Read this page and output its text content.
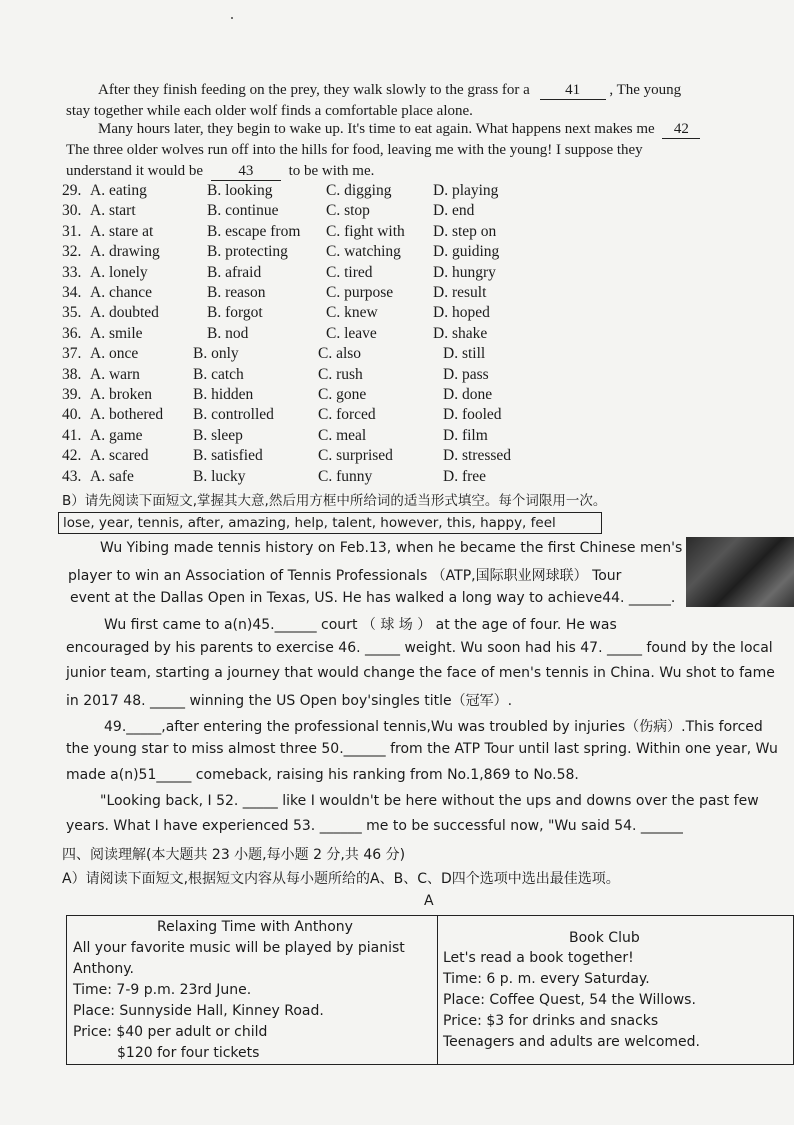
After they finish feeding on the prey, they walk slowly to the grass for a 41 , The young
stay together while each older wolf finds a comfortable place alone.
Many hours later, they begin to wake up. It's time to eat again. What happens next makes me 42
The three older wolves run off into the hills for food, leaving me with the young! I suppose they
understand it would be 43 to be with me.
29. A. eating	B. looking	C. digging	D. playing
30. A. start	B. continue	C. stop	D. end
31. A. stare at	B. escape from C. fight with D. step on
32. A. drawing	B. protecting C. watching D. guiding
33. A. lonely	B. afraid	C. tired	D. hungry
34. A. chance	B. reason	C. purpose	D. result
35. A. doubted	B. forgot	C. knew	D. hoped
36. A. smile	B. nod	C. leave	D. shake
37. A. once	B. only	C. also	D. still
38. A. warn	B. catch	C. rush	D. pass
39. A. broken	B. hidden	C. gone	D. done
40. A. bothered B. controlled	C. forced	D. fooled
41. A. game	B. sleep	C. meal	D. film
42. A. scared	B. satisfied	C. surprised	D. stressed
43. A. safe	B. lucky	C. funny	D. free
B）请先阅读下面短文,掌握其大意,然后用方框中所给词的适当形式填空。每个词限用一次。
lose, year, tennis, after, amazing, help, talent, however, this, happy, feel
Wu Yibing made tennis history on Feb.13, when he became the first Chinese men's
player to win an Association of Tennis Professionals （ATP,国际职业网球联） Tour
event at the Dallas Open in Texas, US. He has walked a long way to achieve44. ______.
Wu first came to a(n)45.______ court （ 球 场 ） at the age of four. He was
encouraged by his parents to exercise 46. _____ weight. Wu soon had his 47. _____ found by the local
junior team, starting a journey that would change the face of men's tennis in China. Wu shot to fame
in 2017 48. _____ winning the US Open boy'singles title（冠军）.
49._____,after entering the professional tennis,Wu was troubled by injuries（伤病）.This forced
the young star to miss almost three 50.______ from the ATP Tour until last spring. Within one year, Wu
made a(n)51_____ comeback, raising his ranking from No.1,869 to No.58.
"Looking back, I 52. _____ like I wouldn't be here without the ups and downs over the past few
years. What I have experienced 53. ______ me to be successful now, "Wu said 54. ______
四、阅读理解(本大题共 23 小题,每小题 2 分,共 46 分)
A）请阅读下面短文,根据短文内容从每小题所给的A、B、C、D四个选项中选出最佳选项。
A
Relaxing Time with Anthony
All your favorite music will be played by pianist
Anthony.
Time: 7-9 p.m. 23rd June.
Place: Sunnyside Hall, Kinney Road.
Price: $40 per adult or child
$120 for four tickets
Book Club
Let's read a book together!
Time: 6 p. m. every Saturday.
Place: Coffee Quest, 54 the Willows.
Price: $3 for drinks and snacks
Teenagers and adults are welcomed.
